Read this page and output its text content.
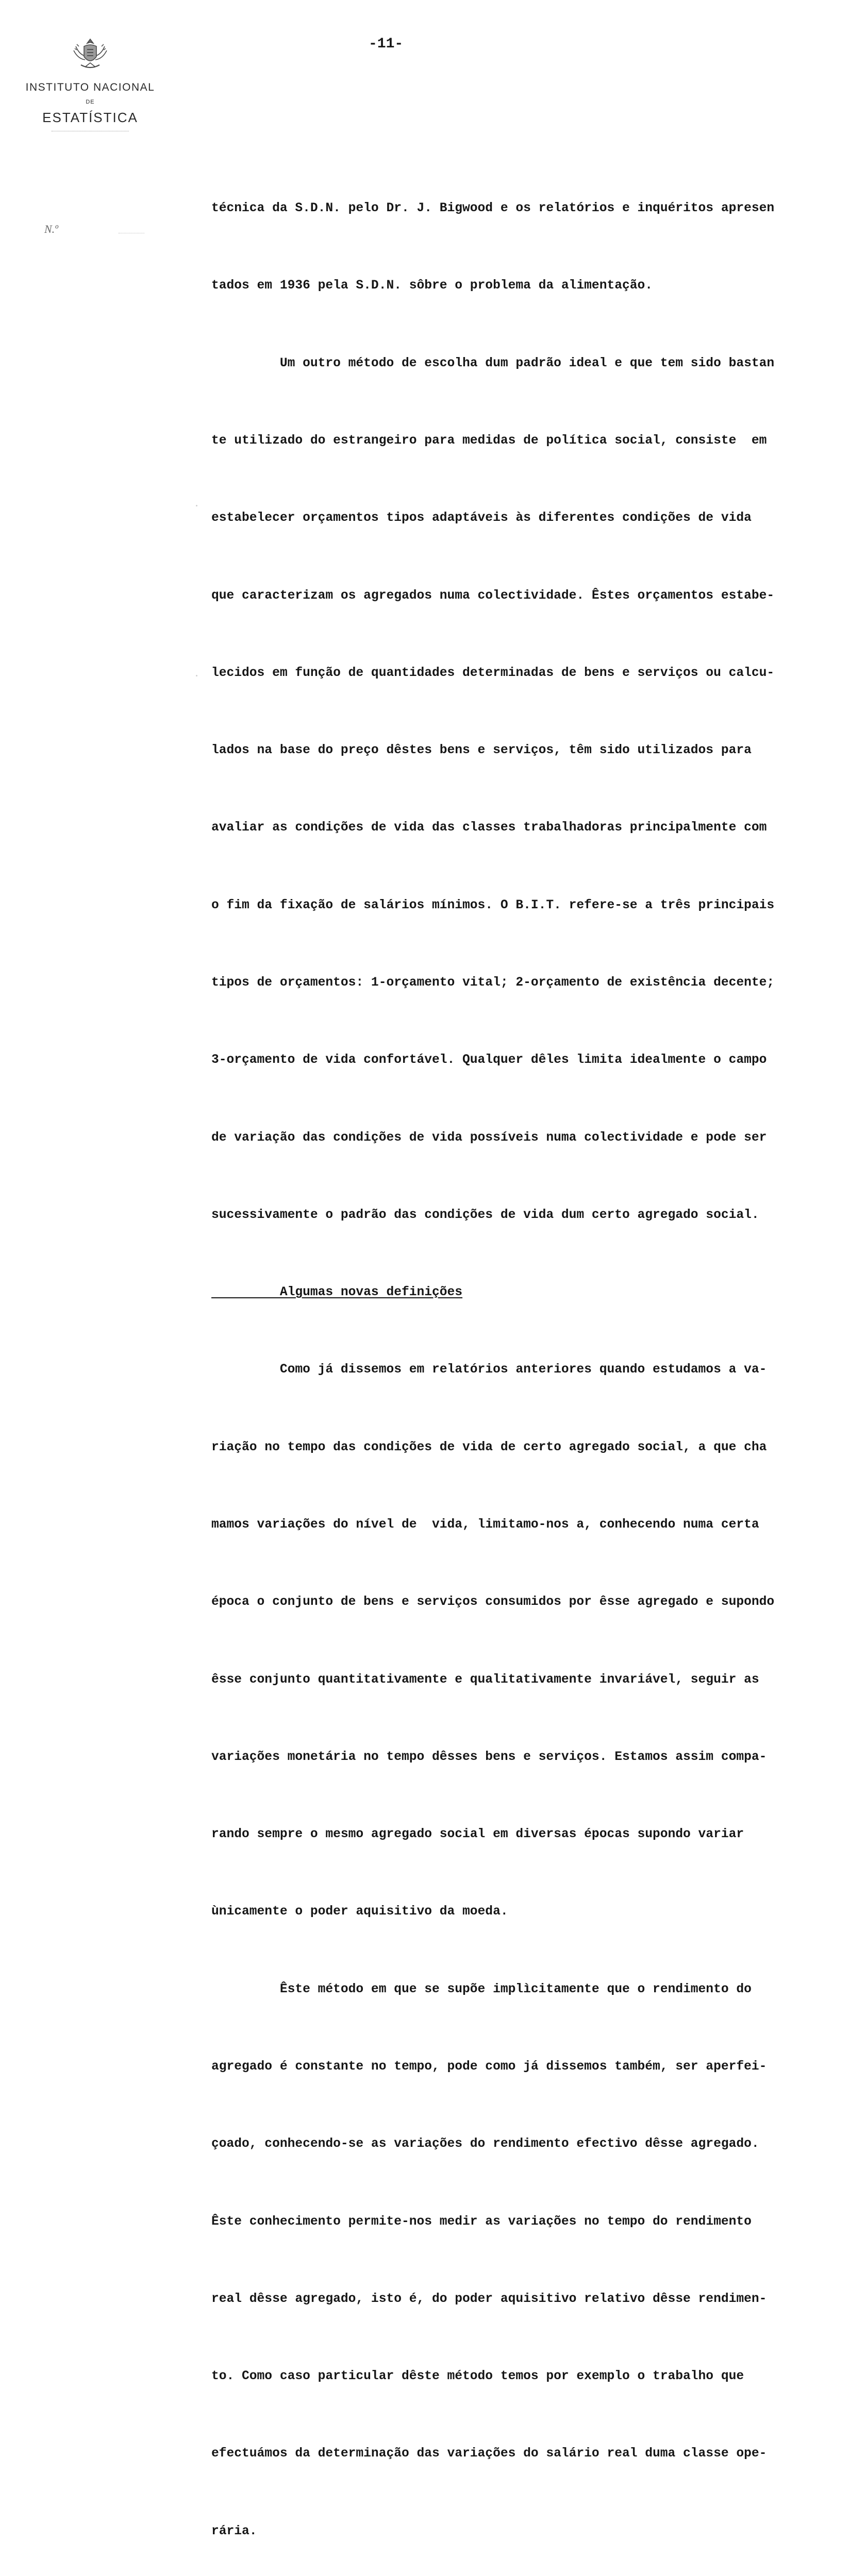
INSTITUTO NACIONAL
DE
ESTATÍSTICA
N.º
-11-

técnica da S.D.N. pelo Dr. J. Bigwood e os relatórios e inquéritos apresen

tados em 1936 pela S.D.N. sôbre o problema da alimentação.

Um outro método de escolha dum padrão ideal e que tem sido bastan

te utilizado do estrangeiro para medidas de política social, consiste  em

estabelecer orçamentos tipos adaptáveis às diferentes condições de vida

que caracterizam os agregados numa colectividade. Êstes orçamentos estabe-

lecidos em função de quantidades determinadas de bens e serviços ou calcu-

lados na base do preço dêstes bens e serviços, têm sido utilizados para

avaliar as condições de vida das classes trabalhadoras principalmente com

o fim da fixação de salários mínimos. O B.I.T. refere-se a três principais

tipos de orçamentos: 1-orçamento vital; 2-orçamento de existência decente;

3-orçamento de vida confortável. Qualquer dêles limita idealmente o campo

de variação das condições de vida possíveis numa colectividade e pode ser

sucessivamente o padrão das condições de vida dum certo agregado social.

Algumas novas definições

Como já dissemos em relatórios anteriores quando estudamos a va-

riação no tempo das condições de vida de certo agregado social, a que cha

mamos variações do nível de  vida, limitamo-nos a, conhecendo numa certa

época o conjunto de bens e serviços consumidos por êsse agregado e supondo

êsse conjunto quantitativamente e qualitativamente invariável, seguir as

variações monetária no tempo dêsses bens e serviços. Estamos assim compa-

rando sempre o mesmo agregado social em diversas épocas supondo variar

ùnicamente o poder aquisitivo da moeda.

Êste método em que se supõe implìcitamente que o rendimento do

agregado é constante no tempo, pode como já dissemos também, ser aperfei-

çoado, conhecendo-se as variações do rendimento efectivo dêsse agregado.

Êste conhecimento permite-nos medir as variações no tempo do rendimento

real dêsse agregado, isto é, do poder aquisitivo relativo dêsse rendimen-

to. Como caso particular dêste método temos por exemplo o trabalho que

efectuámos da determinação das variações do salário real duma classe ope-

rária.
